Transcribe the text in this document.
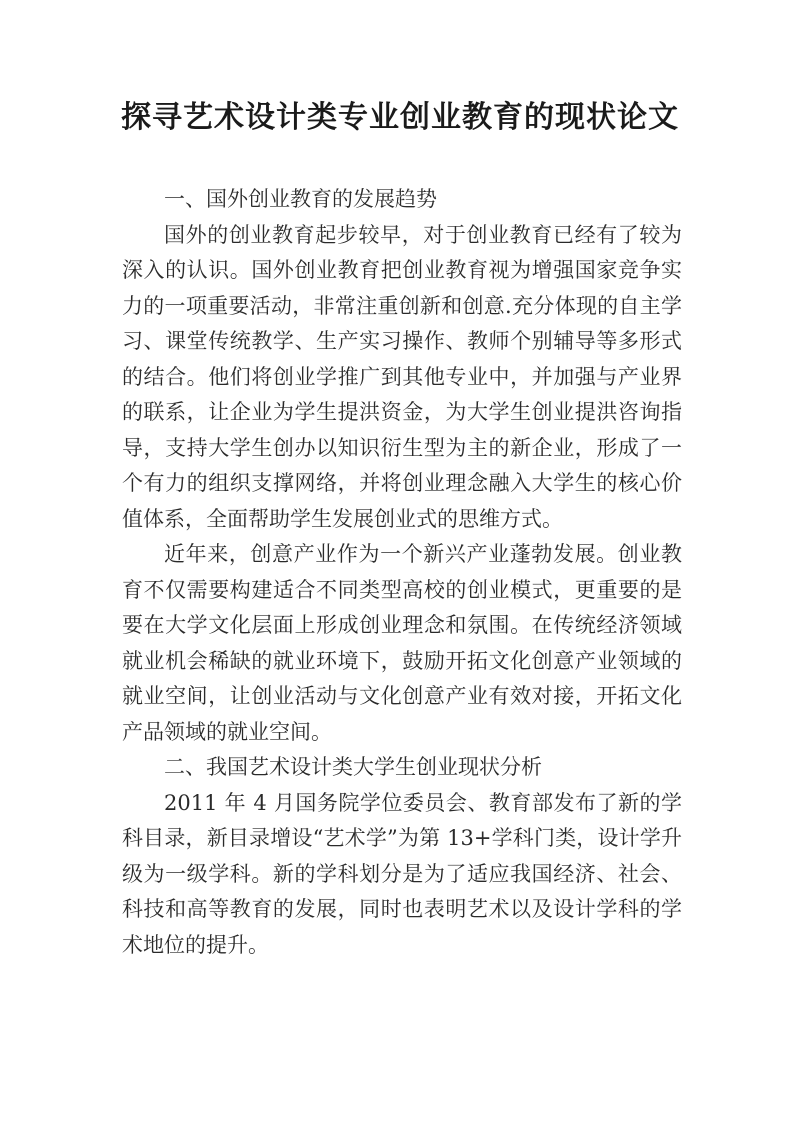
探寻艺术设计类专业创业教育的现状论文

一、国外创业教育的发展趋势

国外的创业教育起步较早，对于创业教育已经有了较为深入的认识。国外创业教育把创业教育视为增强国家竞争实力的一项重要活动，非常注重创新和创意.充分体现的自主学习、课堂传统教学、生产实习操作、教师个别辅导等多形式的结合。他们将创业学推广到其他专业中，并加强与产业界的联系，让企业为学生提洪资金，为大学生创业提洪咨询指导，支持大学生创办以知识衍生型为主的新企业，形成了一个有力的组织支撑网络，并将创业理念融入大学生的核心价值体系，全面帮助学生发展创业式的思维方式。

近年来，创意产业作为一个新兴产业蓬勃发展。创业教育不仅需要构建适合不同类型高校的创业模式，更重要的是要在大学文化层面上形成创业理念和氛围。在传统经济领域就业机会稀缺的就业环境下，鼓励开拓文化创意产业领域的就业空间，让创业活动与文化创意产业有效对接，开拓文化产品领域的就业空间。

二、我国艺术设计类大学生创业现状分析

2011 年 4 月国务院学位委员会、教育部发布了新的学科目录，新目录增设“艺术学”为第 13+学科门类，设计学升级为一级学科。新的学科划分是为了适应我国经济、社会、科技和高等教育的发展，同时也表明艺术以及设计学科的学术地位的提升。
